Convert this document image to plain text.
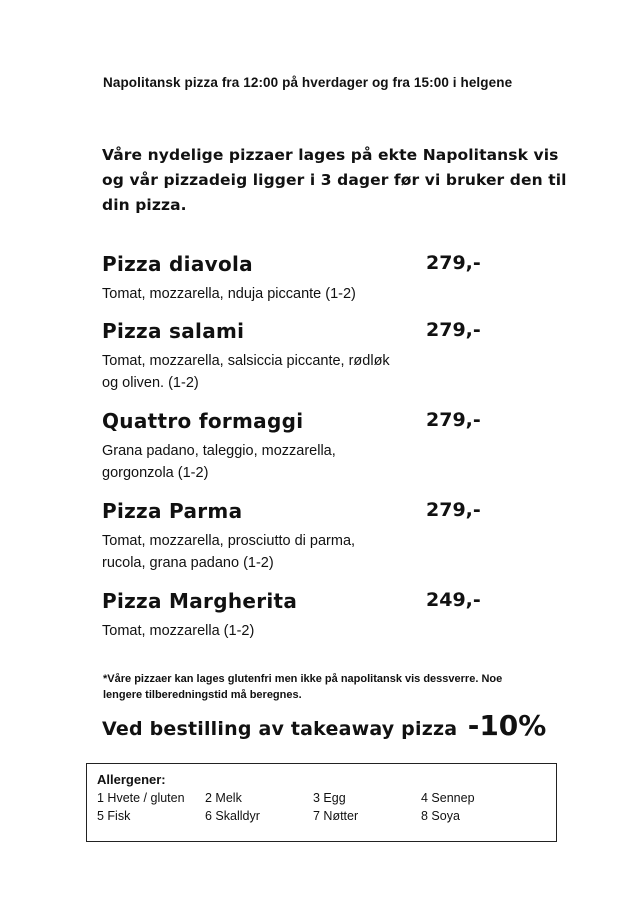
Napolitansk pizza fra 12:00 på hverdager og fra 15:00 i helgene
Våre nydelige pizzaer lages på ekte Napolitansk vis og vår pizzadeig ligger i 3 dager før vi bruker den til din pizza.
Pizza diavola	279,-
Tomat, mozzarella, nduja piccante (1-2)
Pizza salami	279,-
Tomat, mozzarella, salsiccia piccante, rødløk og oliven. (1-2)
Quattro formaggi	279,-
Grana padano, taleggio, mozzarella, gorgonzola (1-2)
Pizza Parma	279,-
Tomat, mozzarella, prosciutto di parma, rucola, grana padano (1-2)
Pizza Margherita	249,-
Tomat, mozzarella (1-2)
*Våre pizzaer kan lages glutenfri men ikke på napolitansk vis dessverre. Noe lengere tilberedningstid må beregnes.
Ved bestilling av takeaway pizza -10%
Allergener:
1 Hvete / gluten	2 Melk	3 Egg	4 Sennep
5 Fisk	6 Skalldyr	7 Nøtter	8 Soya
